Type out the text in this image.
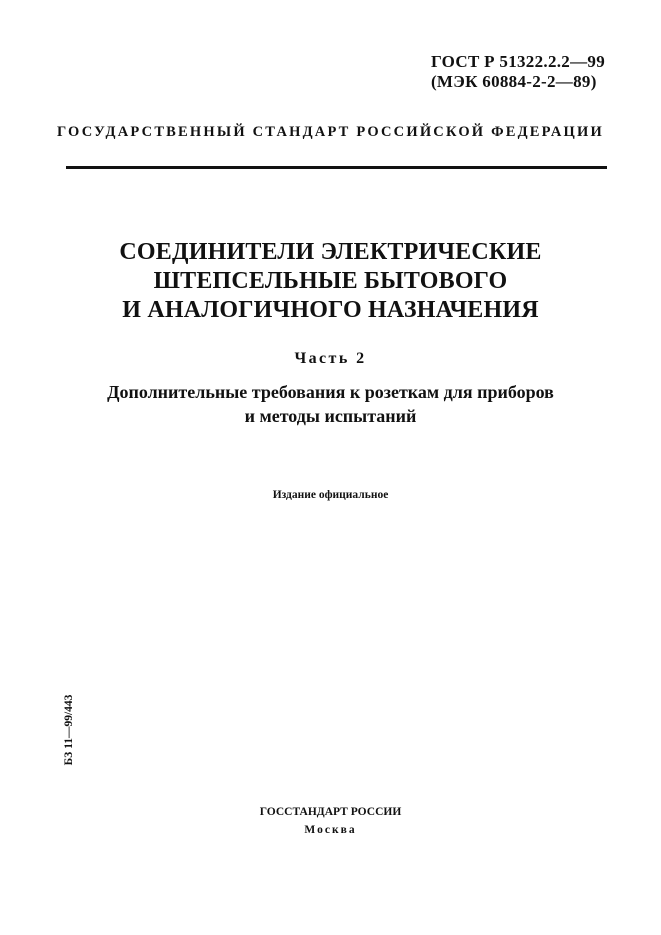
ГОСТ Р 51322.2.2—99
(МЭК 60884-2-2—89)
ГОСУДАРСТВЕННЫЙ СТАНДАРТ РОССИЙСКОЙ ФЕДЕРАЦИИ
СОЕДИНИТЕЛИ ЭЛЕКТРИЧЕСКИЕ
ШТЕПСЕЛЬНЫЕ БЫТОВОГО
И АНАЛОГИЧНОГО НАЗНАЧЕНИЯ
Часть 2
Дополнительные требования к розеткам для приборов
и методы испытаний
Издание официальное
БЗ 11—99/443
ГОССТАНДАРТ РОССИИ
Москва
